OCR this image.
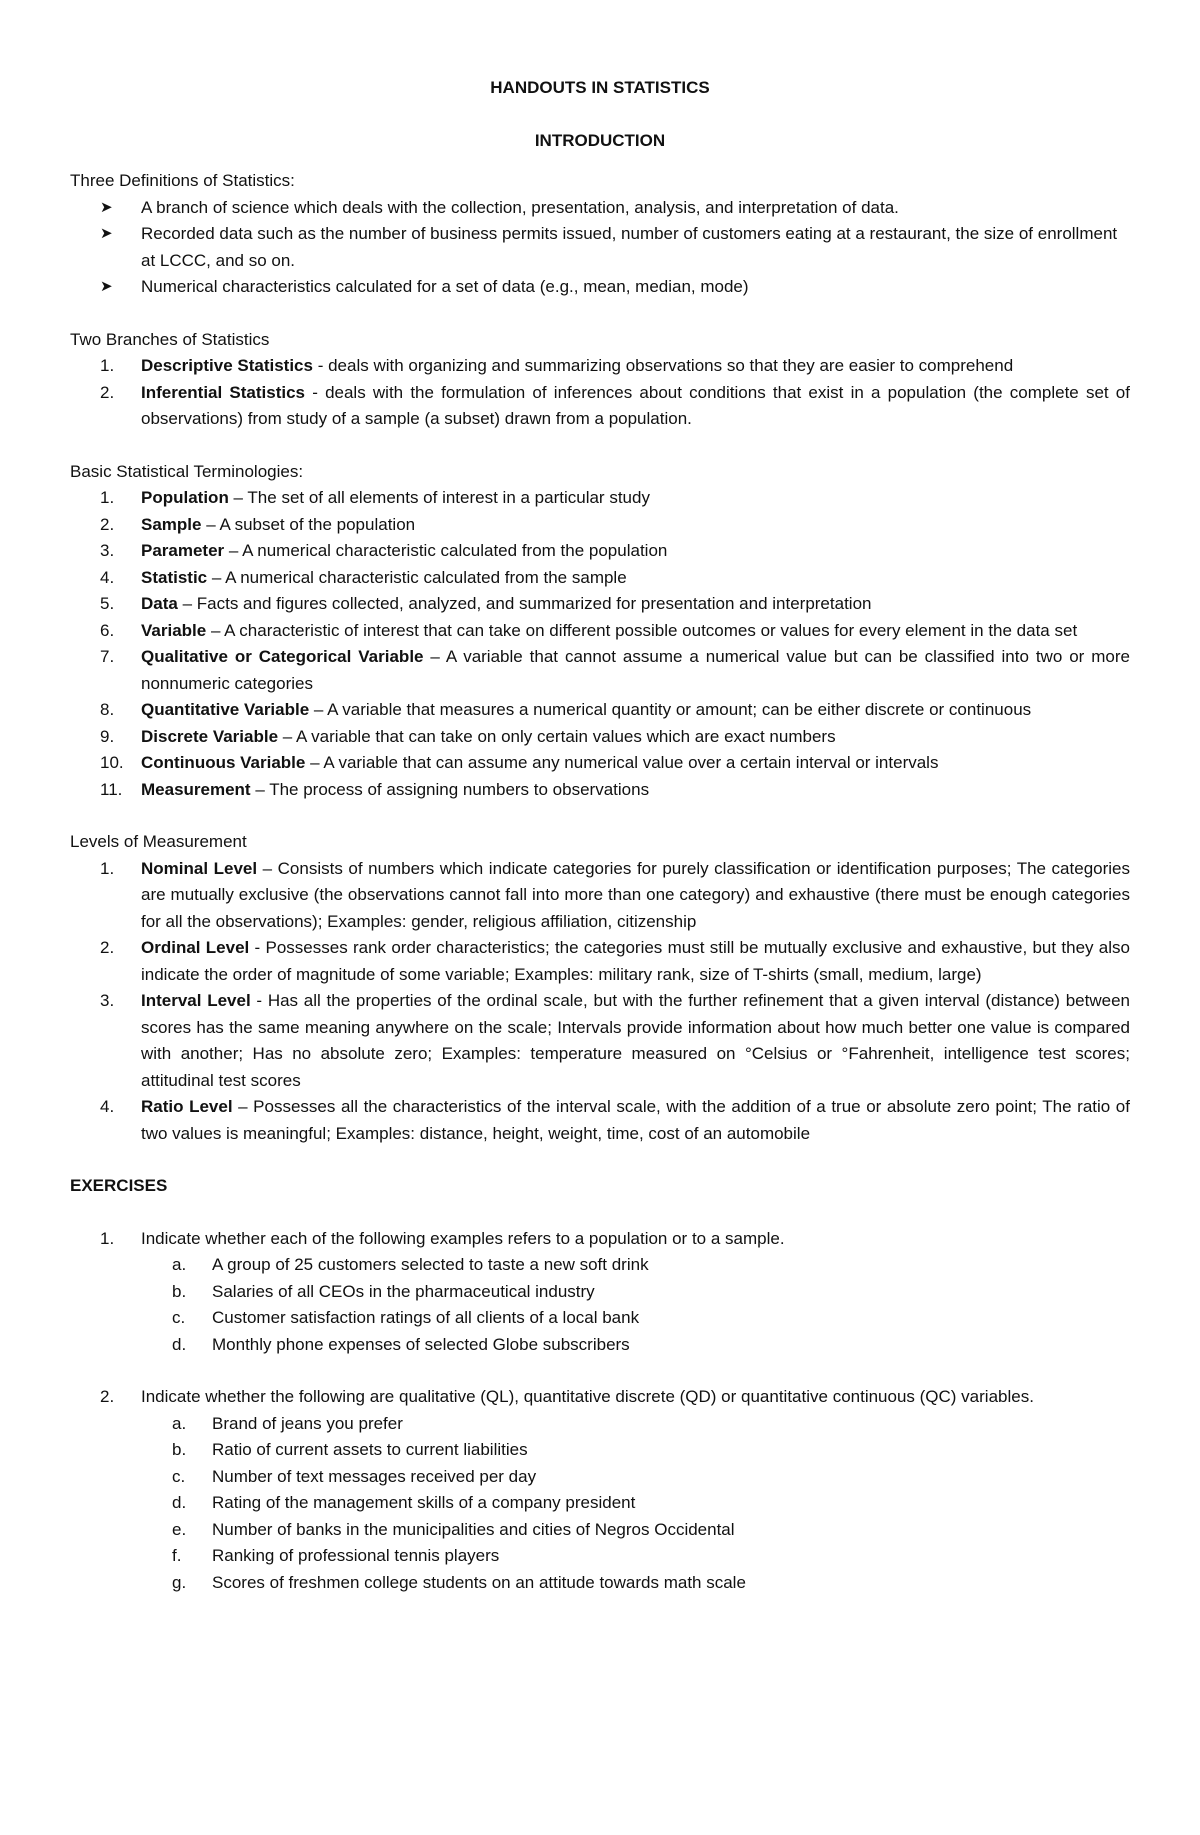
HANDOUTS IN STATISTICS
INTRODUCTION
Three Definitions of Statistics:
➤ A branch of science which deals with the collection, presentation, analysis, and interpretation of data.
➤ Recorded data such as the number of business permits issued, number of customers eating at a restaurant, the size of enrollment at LCCC, and so on.
➤ Numerical characteristics calculated for a set of data (e.g., mean, median, mode)
Two Branches of Statistics
1.	Descriptive Statistics - deals with organizing and summarizing observations so that they are easier to comprehend
2.	Inferential Statistics - deals with the formulation of inferences about conditions that exist in a population (the complete set of observations) from study of a sample (a subset) drawn from a population.
Basic Statistical Terminologies:
1.	Population – The set of all elements of interest in a particular study
2.	Sample – A subset of the population
3.	Parameter – A numerical characteristic calculated from the population
4.	Statistic – A numerical characteristic calculated from the sample
5.	Data – Facts and figures collected, analyzed, and summarized for presentation and interpretation
6.	Variable – A characteristic of interest that can take on different possible outcomes or values for every element in the data set
7.	Qualitative or Categorical Variable – A variable that cannot assume a numerical value but can be classified into two or more nonnumeric categories
8.	Quantitative Variable – A variable that measures a numerical quantity or amount; can be either discrete or continuous
9.	Discrete Variable – A variable that can take on only certain values which are exact numbers
10.	Continuous Variable – A variable that can assume any numerical value over a certain interval or intervals
11.	Measurement – The process of assigning numbers to observations
Levels of Measurement
1.	Nominal Level – Consists of numbers which indicate categories for purely classification or identification purposes; The categories are mutually exclusive (the observations cannot fall into more than one category) and exhaustive (there must be enough categories for all the observations); Examples: gender, religious affiliation, citizenship
2.	Ordinal Level - Possesses rank order characteristics; the categories must still be mutually exclusive and exhaustive, but they also indicate the order of magnitude of some variable; Examples: military rank, size of T-shirts (small, medium, large)
3.	Interval Level - Has all the properties of the ordinal scale, but with the further refinement that a given interval (distance) between scores has the same meaning anywhere on the scale; Intervals provide information about how much better one value is compared with another; Has no absolute zero; Examples: temperature measured on °Celsius or °Fahrenheit, intelligence test scores; attitudinal test scores
4.	Ratio Level – Possesses all the characteristics of the interval scale, with the addition of a true or absolute zero point; The ratio of two values is meaningful; Examples: distance, height, weight, time, cost of an automobile
EXERCISES
1.	Indicate whether each of the following examples refers to a population or to a sample.
a. A group of 25 customers selected to taste a new soft drink
b. Salaries of all CEOs in the pharmaceutical industry
c. Customer satisfaction ratings of all clients of a local bank
d. Monthly phone expenses of selected Globe subscribers
2.	Indicate whether the following are qualitative (QL), quantitative discrete (QD) or quantitative continuous (QC) variables.
a. Brand of jeans you prefer
b. Ratio of current assets to current liabilities
c. Number of text messages received per day
d. Rating of the management skills of a company president
e. Number of banks in the municipalities and cities of Negros Occidental
f. Ranking of professional tennis players
g. Scores of freshmen college students on an attitude towards math scale
